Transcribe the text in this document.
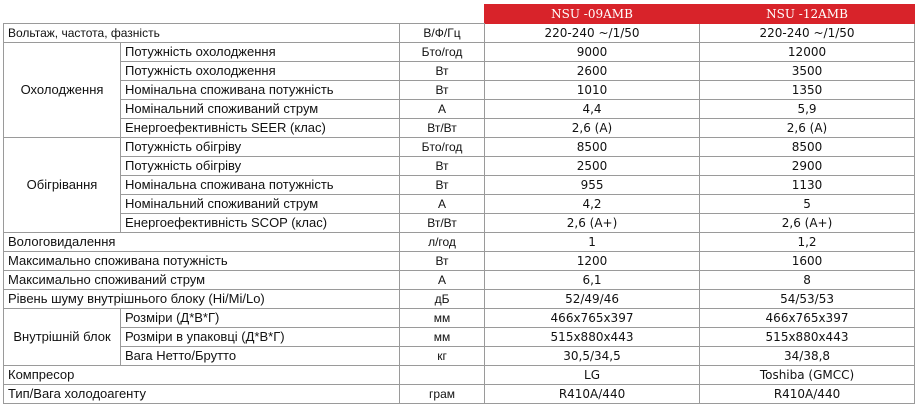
			NSU -09AMB	NSU -12AMB
Вольтаж, частота, фазність		В/Ф/Гц	220-240 ~/1/50	220-240 ~/1/50
Охолодження	Потужність охолодження	Бто/год	9000	12000
	Потужність охолодження	Вт	2600	3500
	Номінальна споживана потужність	Вт	1010	1350
	Номінальний споживаний струм	А	4,4	5,9
	Енергоефективність SEER (клас)	Вт/Вт	2,6 (A)	2,6 (A)
Обігрівання	Потужність обігріву	Бто/год	8500	8500
	Потужність обігріву	Вт	2500	2900
	Номінальна споживана потужність	Вт	955	1130
	Номінальний споживаний струм	А	4,2	5
	Енергоефективність SCOP (клас)	Вт/Вт	2,6 (A+)	2,6 (A+)
Вологовидалення		л/год	1	1,2
Максимально споживана потужність		Вт	1200	1600
Максимально споживаний струм		А	6,1	8
Рівень шуму внутрішнього блоку (Hi/Mi/Lo)		дБ	52/49/46	54/53/53
Внутрішній блок	Розміри (Д*В*Г)	мм	466x765x397	466x765x397
	Розміри в упаковці (Д*В*Г)	мм	515x880x443	515x880x443
	Вага Нетто/Брутто	кг	30,5/34,5	34/38,8
Компресор			LG	Toshiba (GMCC)
Тип/Вага холодоагенту		грам	R410A/440	R410A/440
